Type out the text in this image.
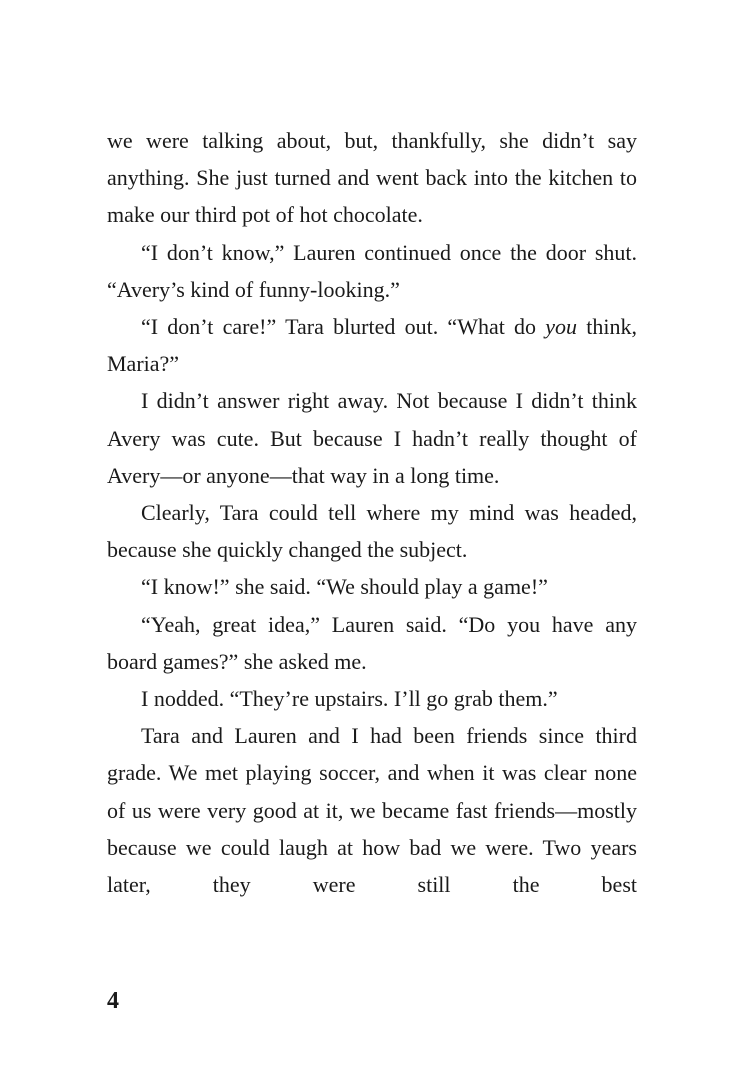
we were talking about, but, thankfully, she didn’t say anything. She just turned and went back into the kitchen to make our third pot of hot chocolate.

“I don’t know,” Lauren continued once the door shut. “Avery’s kind of funny-looking.”

“I don’t care!” Tara blurted out. “What do you think, Maria?”

I didn’t answer right away. Not because I didn’t think Avery was cute. But because I hadn’t really thought of Avery—or anyone—that way in a long time.

Clearly, Tara could tell where my mind was headed, because she quickly changed the subject.

“I know!” she said. “We should play a game!”

“Yeah, great idea,” Lauren said. “Do you have any board games?” she asked me.

I nodded. “They’re upstairs. I’ll go grab them.”

Tara and Lauren and I had been friends since third grade. We met playing soccer, and when it was clear none of us were very good at it, we became fast friends—mostly because we could laugh at how bad we were. Two years later, they were still the best

4
